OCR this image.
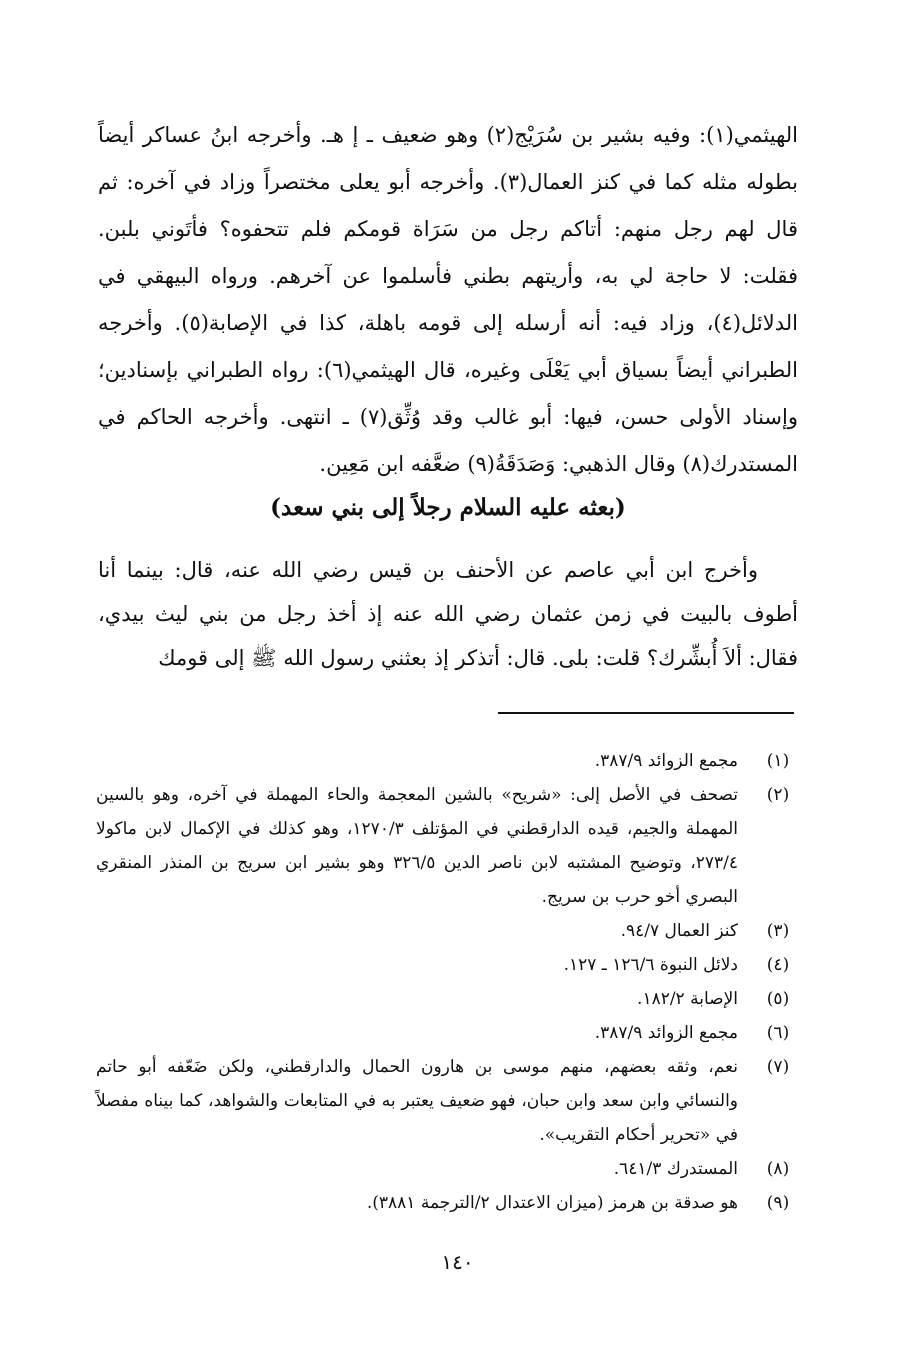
الهيثمي(١): وفيه بشير بن سُرَيْج(٢) وهو ضعيف ـ إ هـ. وأخرجه ابنُ عساكر أيضاً بطوله مثله كما في كنز العمال(٣). وأخرجه أبو يعلى مختصراً وزاد في آخره: ثم قال لهم رجل منهم: أتاكم رجل من سَرَاة قومكم فلم تتحفوه؟ فأتَوني بلبن. فقلت: لا حاجة لي به، وأريتهم بطني فأسلموا عن آخرهم. ورواه البيهقي في الدلائل(٤)، وزاد فيه: أنه أرسله إلى قومه باهلة، كذا في الإصابة(٥). وأخرجه الطبراني أيضاً بسياق أبي يَعْلَى وغيره، قال الهيثمي(٦): رواه الطبراني بإسنادين؛ وإسناد الأولى حسن، فيها: أبو غالب وقد وُثِّق(٧) ـ انتهى. وأخرجه الحاكم في المستدرك(٨) وقال الذهبي: وَصَدَقَةُ(٩) ضعَّفه ابن مَعِين.

(بعثه عليه السلام رجلاً إلى بني سعد)

وأخرج ابن أبي عاصم عن الأحنف بن قيس رضي الله عنه، قال: بينما أنا أطوف بالبيت في زمن عثمان رضي الله عنه إذ أخذ رجل من بني ليث بيدي، فقال: ألاَ أُبشِّرك؟ قلت: بلى. قال: أتذكر إذ بعثني رسول الله ﷺ إلى قومك

(١)
مجمع الزوائد ٣٨٧/٩.
(٢)
تصحف في الأصل إلى: «شريح» بالشين المعجمة والحاء المهملة في آخره، وهو بالسين المهملة والجيم، قيده الدارقطني في المؤتلف ١٢٧٠/٣، وهو كذلك في الإكمال لابن ماكولا ٢٧٣/٤، وتوضيح المشتبه لابن ناصر الدين ٣٢٦/٥ وهو بشير ابن سريج بن المنذر المنقري البصري أخو حرب بن سريج.
(٣)
كنز العمال ٩٤/٧.
(٤)
دلائل النبوة ١٢٦/٦ ـ ١٢٧.
(٥)
الإصابة ١٨٢/٢.
(٦)
مجمع الزوائد ٣٨٧/٩.
(٧)
نعم، وثقه بعضهم، منهم موسى بن هارون الحمال والدارقطني، ولكن ضَعّفه أبو حاتم والنسائي وابن سعد وابن حبان، فهو ضعيف يعتبر به في المتابعات والشواهد، كما بيناه مفصلاً في «تحرير أحكام التقريب».
(٨)
المستدرك ٦٤١/٣.
(٩)
هو صدقة بن هرمز (ميزان الاعتدال ٢/الترجمة ٣٨٨١).
١٤٠
